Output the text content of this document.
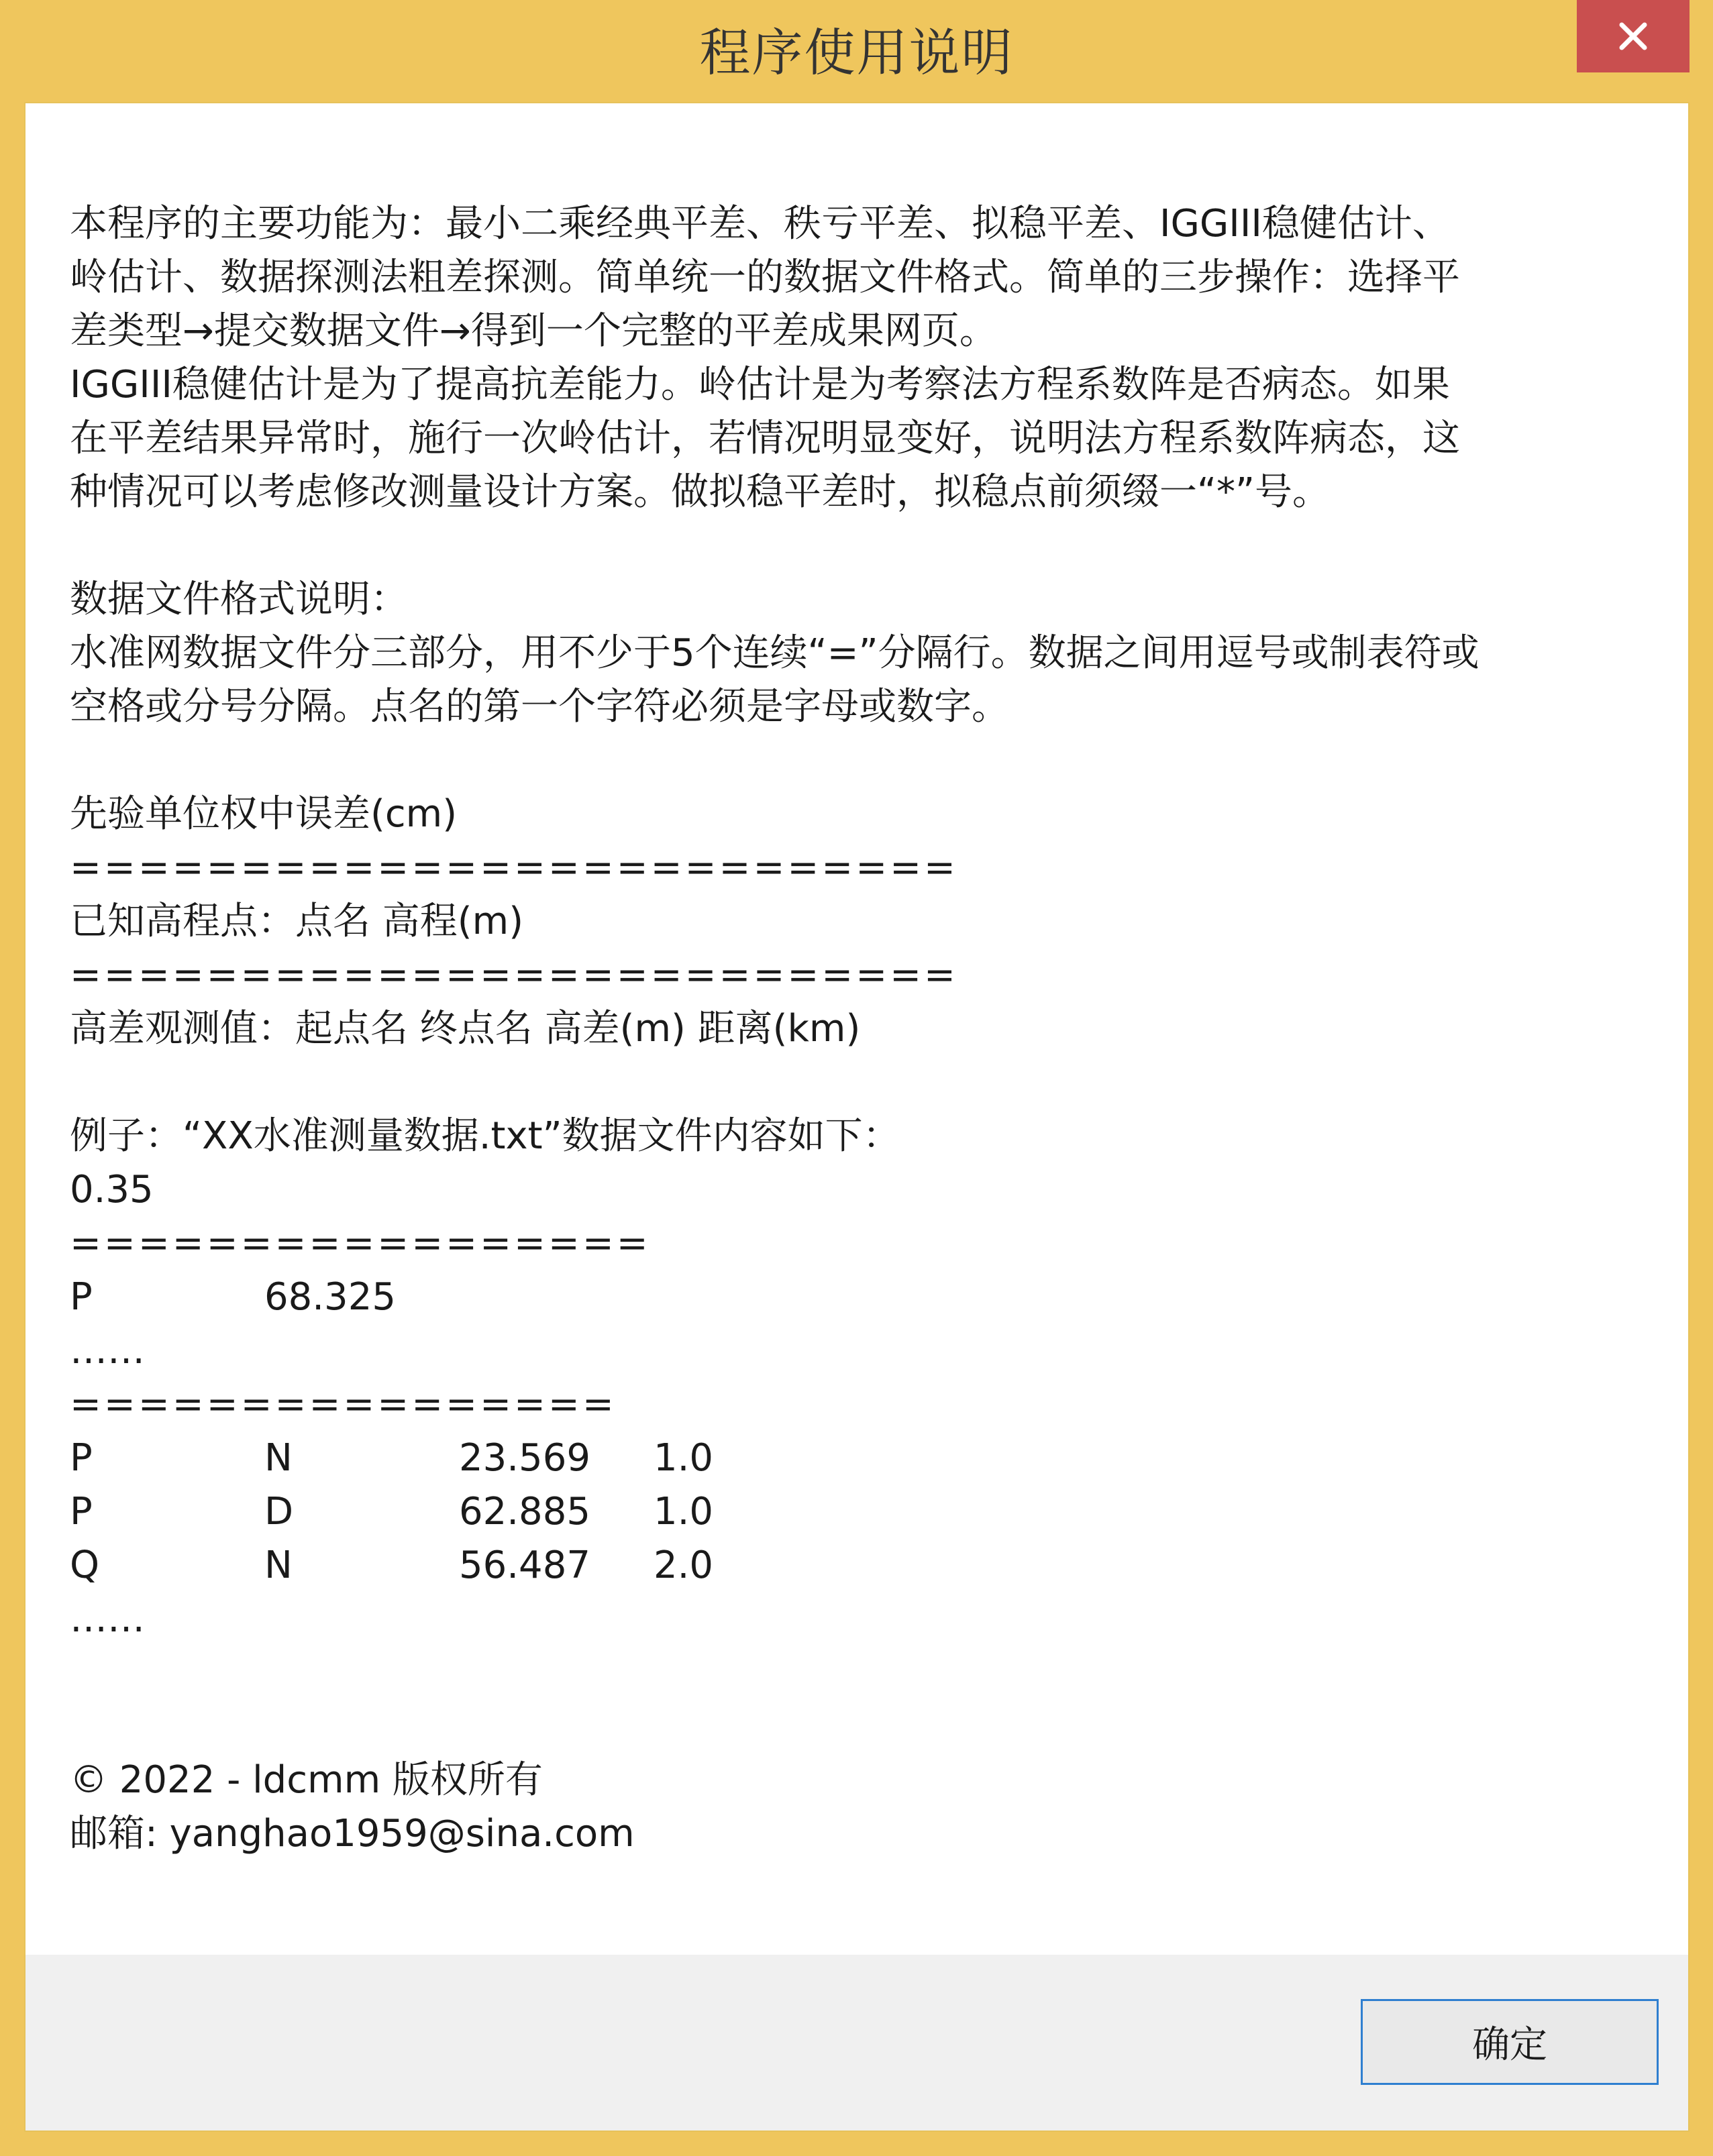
程序使用说明
本程序的主要功能为：最小二乘经典平差、秩亏平差、拟稳平差、IGGIII稳健估计、
岭估计、数据探测法粗差探测。简单统一的数据文件格式。简单的三步操作：选择平
差类型→提交数据文件→得到一个完整的平差成果网页。
IGGIII稳健估计是为了提高抗差能力。岭估计是为考察法方程系数阵是否病态。如果
在平差结果异常时，施行一次岭估计，若情况明显变好，说明法方程系数阵病态，这
种情况可以考虑修改测量设计方案。做拟稳平差时，拟稳点前须缀一“*”号。
数据文件格式说明：
水准网数据文件分三部分，用不少于5个连续“=”分隔行。数据之间用逗号或制表符或
空格或分号分隔。点名的第一个字符必须是字母或数字。
先验单位权中误差(cm)
==========================
已知高程点：点名 高程(m)
==========================
高差观测值：起点名 终点名 高差(m) 距离(km)
例子：“XX水准测量数据.txt”数据文件内容如下：
0.35
=================
P	68.325
……
================
P	N	23.569	1.0
P	D	62.885	1.0
Q	N	56.487	2.0
……
© 2022 - ldcmm 版权所有
邮箱: yanghao1959@sina.com
确定
